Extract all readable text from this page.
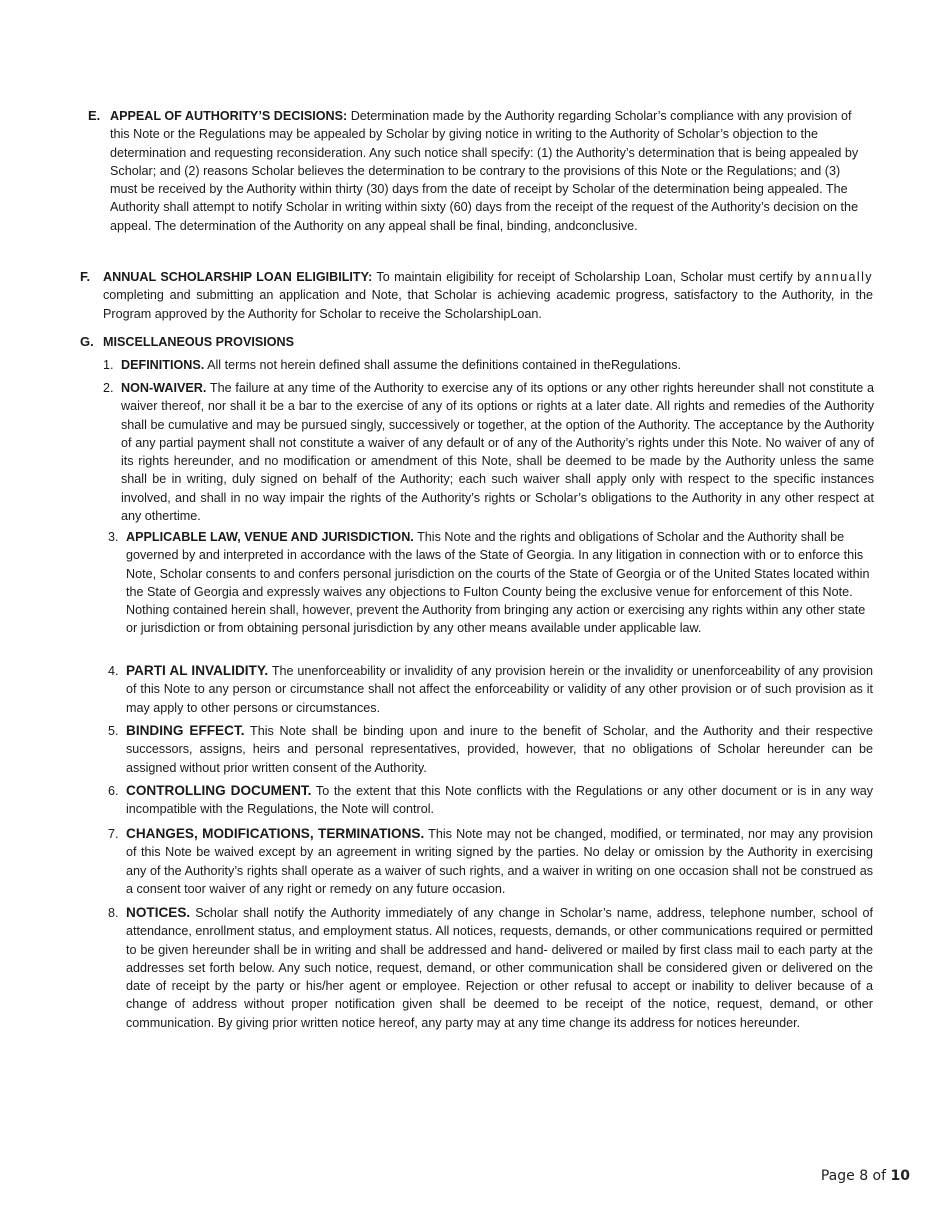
E. APPEAL OF AUTHORITY’S DECISIONS: Determination made by the Authority regarding Scholar’s compliance with any provision of this Note or the Regulations may be appealed by Scholar by giving notice in writing to the Authority of Scholar’s objection to the determination and requesting reconsideration. Any such notice shall specify: (1) the Authority’s determination that is being appealed by Scholar; and (2) reasons Scholar believes the determination to be contrary to the provisions of this Note or the Regulations; and (3) must be received by the Authority within thirty (30) days from the date of receipt by Scholar of the determination being appealed. The Authority shall attempt to notify Scholar in writing within sixty (60) days from the receipt of the request of the Authority’s decision on the appeal. The determination of the Authority on any appeal shall be final, binding, andconclusive.
F. ANNUAL SCHOLARSHIP LOAN ELIGIBILITY: To maintain eligibility for receipt of Scholarship Loan, Scholar must certify by annually completing and submitting an application and Note, that Scholar is achieving academic progress, satisfactory to the Authority, in the Program approved by the Authority for Scholar to receive the ScholarshipLoan.
G. MISCELLANEOUS PROVISIONS
1. DEFINITIONS. All terms not herein defined shall assume the definitions contained in theRegulations.
2. NON-WAIVER. The failure at any time of the Authority to exercise any of its options or any other rights hereunder shall not constitute a waiver thereof, nor shall it be a bar to the exercise of any of its options or rights at a later date. All rights and remedies of the Authority shall be cumulative and may be pursued singly, successively or together, at the option of the Authority. The acceptance by the Authority of any partial payment shall not constitute a waiver of any default or of any of the Authority’s rights under this Note. No waiver of any of its rights hereunder, and no modification or amendment of this Note, shall be deemed to be made by the Authority unless the same shall be in writing, duly signed on behalf of the Authority; each such waiver shall apply only with respect to the specific instances involved, and shall in no way impair the rights of the Authority’s rights or Scholar’s obligations to the Authority in any other respect at any othertime.
3. APPLICABLE LAW, VENUE AND JURISDICTION. This Note and the rights and obligations of Scholar and the Authority shall be governed by and interpreted in accordance with the laws of the State of Georgia. In any litigation in connection with or to enforce this Note, Scholar consents to and confers personal jurisdiction on the courts of the State of Georgia or of the United States located within the State of Georgia and expressly waives any objections to Fulton County being the exclusive venue for enforcement of this Note. Nothing contained herein shall, however, prevent the Authority from bringing any action or exercising any rights within any other state or jurisdiction or from obtaining personal jurisdiction by any other means available under applicable law.
4. PARTI AL INVALIDITY. The unenforceability or invalidity of any provision herein or the invalidity or unenforceability of any provision of this Note to any person or circumstance shall not affect the enforceability or validity of any other provision or of such provision as it may apply to other persons or circumstances.
5. BINDING EFFECT. This Note shall be binding upon and inure to the benefit of Scholar, and the Authority and their respective successors, assigns, heirs and personal representatives, provided, however, that no obligations of Scholar hereunder can be assigned without prior written consent of the Authority.
6. CONTROLLING DOCUMENT. To the extent that this Note conflicts with the Regulations or any other document or is in any way incompatible with the Regulations, the Note will control.
7. CHANGES, MODIFICATIONS, TERMINATIONS. This Note may not be changed, modified, or terminated, nor may any provision of this Note be waived except by an agreement in writing signed by the parties. No delay or omission by the Authority in exercising any of the Authority’s rights shall operate as a waiver of such rights, and a waiver in writing on one occasion shall not be construed as a consent toor waiver of any right or remedy on any future occasion.
8. NOTICES. Scholar shall notify the Authority immediately of any change in Scholar’s name, address, telephone number, school of attendance, enrollment status, and employment status. All notices, requests, demands, or other communications required or permitted to be given hereunder shall be in writing and shall be addressed and hand- delivered or mailed by first class mail to each party at the addresses set forth below. Any such notice, request, demand, or other communication shall be considered given or delivered on the date of receipt by the party or his/her agent or employee. Rejection or other refusal to accept or inability to deliver because of a change of address without proper notification given shall be deemed to be receipt of the notice, request, demand, or other communication. By giving prior written notice hereof, any party may at any time change its address for notices hereunder.
Page 8 of 10
